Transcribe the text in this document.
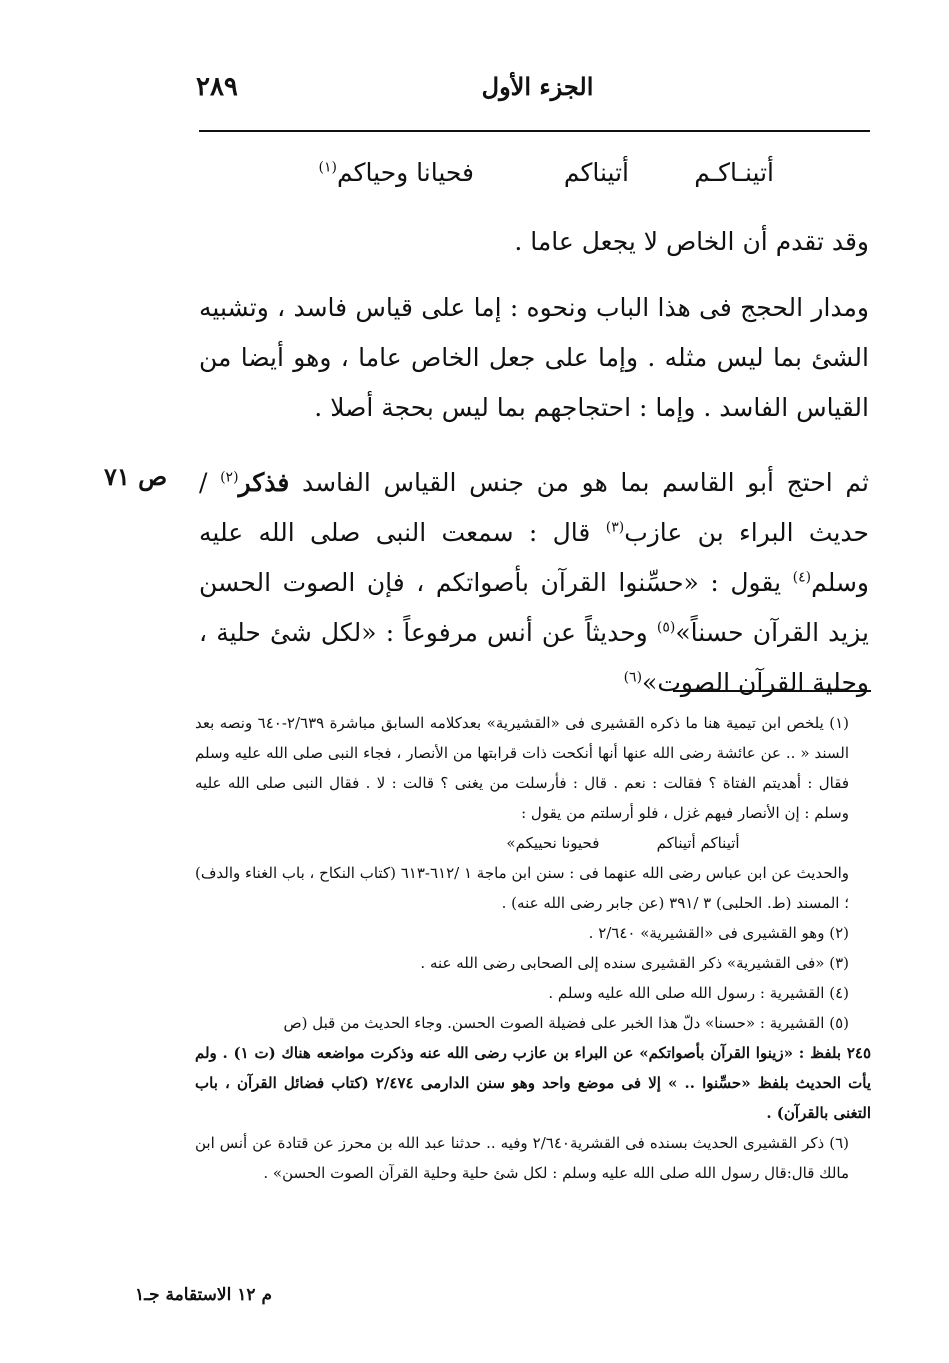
الجزء الأول
٢٨٩
أتينـاكـم
أتيناكم
فحيانا وحياكم$^{(١)}$
وقد تقدم أن الخاص لا يجعل عاما .

ومدار الحجج فى هذا الباب ونحوه : إما على قياس فاسد ، وتشبيه الشئ بما ليس مثله . وإما على جعل الخاص عاما ، وهو أيضا من القياس الفاسد . وإما : احتجاجهم بما ليس بحجة أصلا .

ثم احتج أبو القاسم بما هو من جنس القياس الفاسد فذكر$^{(٢)}$ /حديث البراء بن عازب$^{(٣)}$ قال : سمعت النبى صلى الله عليه وسلم$^{(٤)}$ يقول : «حسِّنوا القرآن بأصواتكم ، فإن الصوت الحسن يزيد القرآن حسناً»$^{(٥)}$ وحديثاً عن أنس مرفوعاً : «لكل شئ حلية ، وحلية القرآن الصوت»$^{(٦)}$

ص ٧١

(١) يلخص ابن تيمية هنا ما ذكره القشيرى فى «القشيرية» بعدكلامه السابق مباشرة ٢/٦٣٩-٦٤٠ ونصه بعد السند « .. عن عائشة رضى الله عنها أنها أنكحت ذات قرابتها من الأنصار ، فجاء النبى صلى الله عليه وسلم فقال : أهديتم الفتاة ؟ فقالت : نعم . قال : فأرسلت من يغنى ؟ قالت : لا . فقال النبى صلى الله عليه وسلم : إن الأنصار فيهم غزل ، فلو أرسلتم من يقول :

أتيناكم أتيناكم            فحيونا نحييكم»

والحديث عن ابن عباس رضى الله عنهما فى : سنن ابن ماجة ١ /٦١٢-٦١٣ (كتاب النكاح ، باب الغناء والدف) ؛ المسند (ط. الحلبى) ٣ /٣٩١ (عن جابر رضى الله عنه) .

(٢) وهو القشيرى فى «القشيرية» ٢/٦٤٠ .

(٣) «فى القشيرية» ذكر القشيرى سنده إلى الصحابى رضى الله عنه .

(٤) القشيرية : رسول الله صلى الله عليه وسلم .

(٥) القشيرية : «حسنا» دلّ هذا الخبر على فضيلة الصوت الحسن. وجاء الحديث من قبل (ص

٢٤٥ بلفظ : «زينوا القرآن بأصواتكم» عن البراء بن عازب رضى الله عنه وذكرت مواضعه هناك (ت ١) . ولم يأت الحديث بلفظ «حسِّنوا .. » إلا فى موضع واحد وهو سنن الدارمى ٢/٤٧٤ (كتاب فضائل القرآن ، باب التغنى بالقرآن) .

(٦) ذكر القشيرى الحديث بسنده فى القشرية٢/٦٤٠ وفيه .. حدثنا عبد الله بن محرز عن قتادة عن أنس ابن مالك قال:قال رسول الله صلى الله عليه وسلم : لكل شئ حلية وحلية القرآن الصوت الحسن» .

م ١٢ الاستقامة جـ١
